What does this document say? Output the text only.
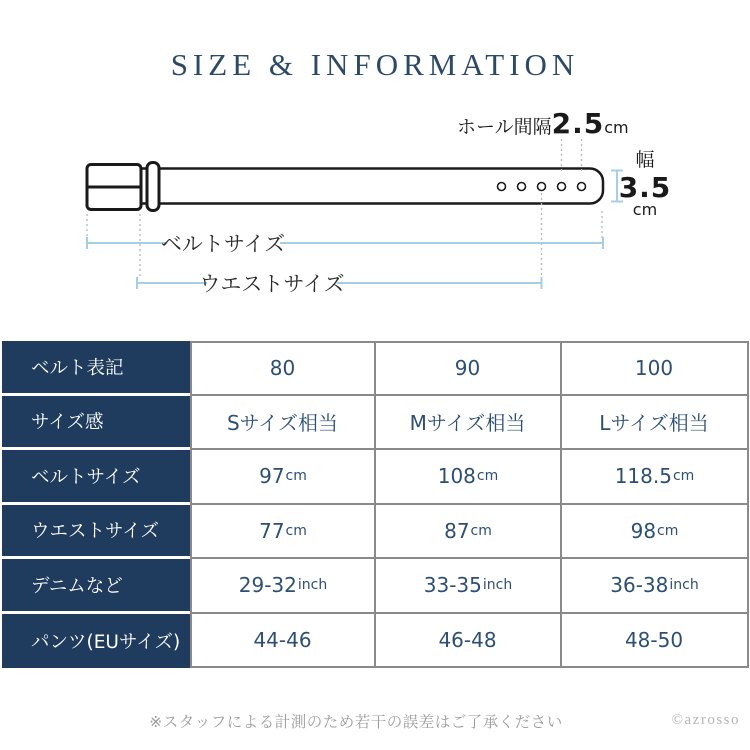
SIZE & INFORMATION
ホール間隔2.5cm
幅
3.5
cm
ベルトサイズ
ウエストサイズ
ベルト表記	80	90	100
サイズ感	Sサイズ相当	Mサイズ相当	Lサイズ相当
ベルトサイズ	97 cm	108 cm	118.5 cm
ウエストサイズ	77 cm	87 cm	98 cm
デニムなど	29-32 inch	33-35 inch	36-38 inch
パンツ(EUサイズ)	44-46	46-48	48-50
※スタッフによる計測のため若干の誤差はご了承ください	©azrosso
